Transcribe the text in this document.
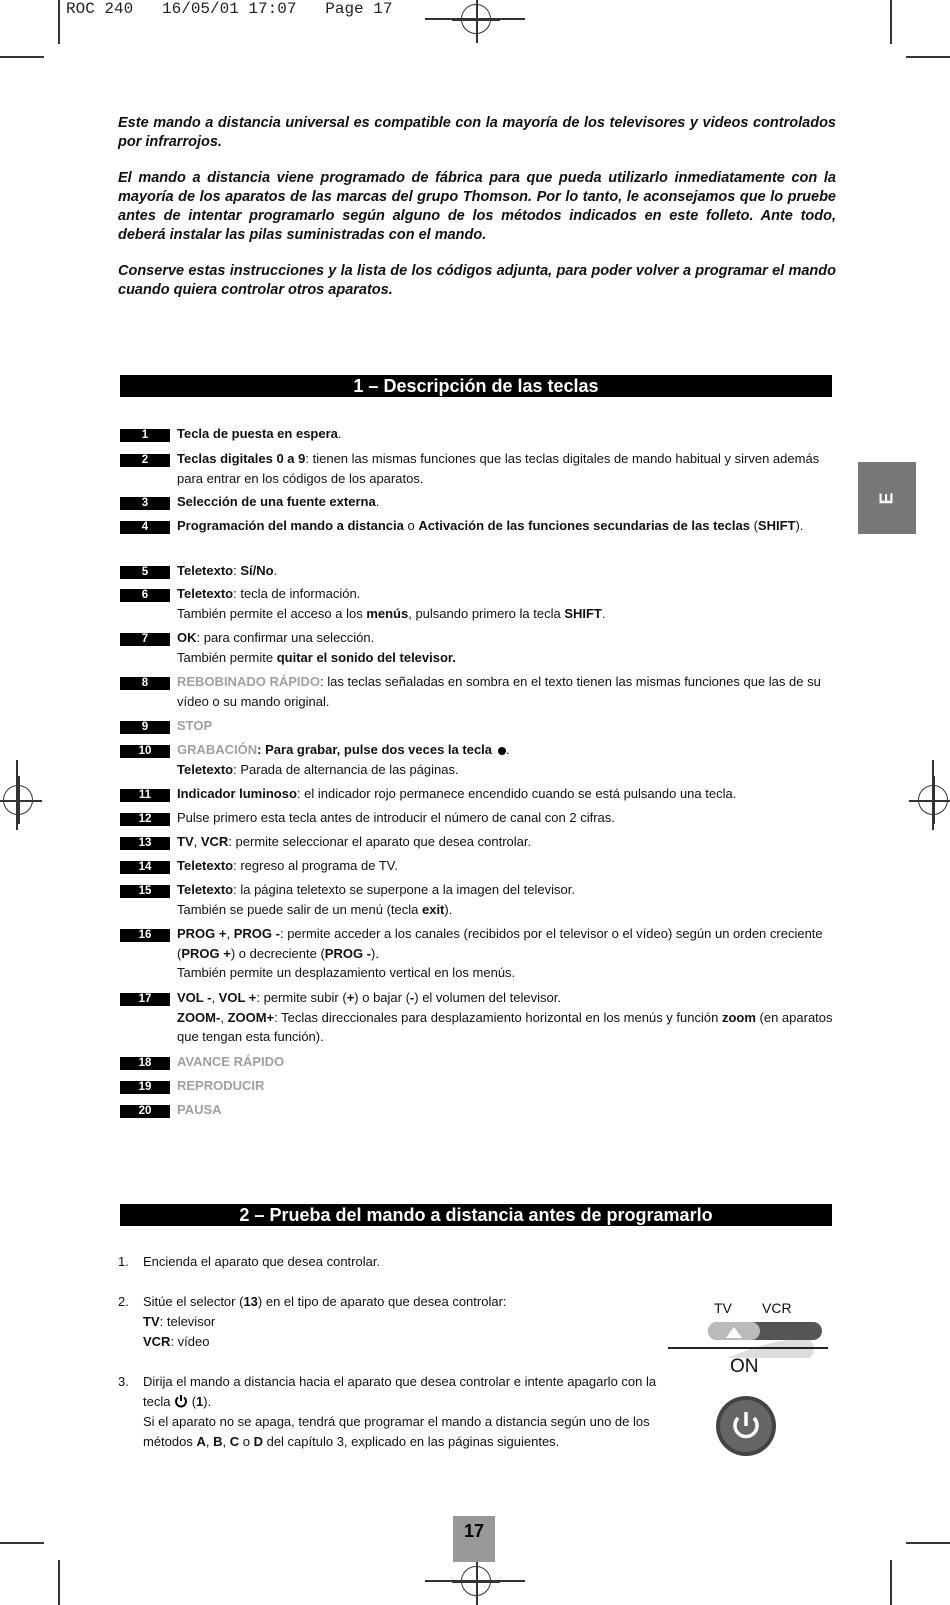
ROC 240   16/05/01 17:07   Page 17

Este mando a distancia universal es compatible con la mayoría de los televisores y videos controlados por infrarrojos.

El mando a distancia viene programado de fábrica para que pueda utilizarlo inmediatamente con la mayoría de los aparatos de las marcas del grupo Thomson. Por lo tanto, le aconsejamos que lo pruebe antes de intentar programarlo según alguno de los métodos indicados en este folleto. Ante todo, deberá instalar las pilas suministradas con el mando.

Conserve estas instrucciones y la lista de los códigos adjunta, para poder volver a programar el mando cuando quiera controlar otros aparatos.

1 – Descripción de las teclas
E
1	Tecla de puesta en espera.
2	Teclas digitales 0 a 9: tienen las mismas funciones que las teclas digitales de mando habitual y sirven además para entrar en los códigos de los aparatos.
3	Selección de una fuente externa.
4	Programación del mando a distancia o Activación de las funciones secundarias de las teclas (SHIFT).
5	Teletexto: Sí/No.
6	Teletexto: tecla de información.
También permite el acceso a los menús, pulsando primero la tecla SHIFT.
7	OK: para confirmar una selección.
También permite quitar el sonido del televisor.
8	REBOBINADO RÁPIDO: las teclas señaladas en sombra en el texto tienen las mismas funciones que las de su vídeo o su mando original.
9	STOP
10	GRABACIÓN: Para grabar, pulse dos veces la tecla .
Teletexto: Parada de alternancia de las páginas.
11	Indicador luminoso: el indicador rojo permanece encendido cuando se está pulsando una tecla.
12	Pulse primero esta tecla antes de introducir el número de canal con 2 cifras.
13	TV, VCR: permite seleccionar el aparato que desea controlar.
14	Teletexto: regreso al programa de TV.
15	Teletexto: la página teletexto se superpone a la imagen del televisor.
También se puede salir de un menú (tecla exit).
16	PROG +, PROG -: permite acceder a los canales (recibidos por el televisor o el vídeo) según un orden creciente (PROG +) o decreciente (PROG -).
También permite un desplazamiento vertical en los menús.
17	VOL -, VOL +: permite subir (+) o bajar (-) el volumen del televisor.
ZOOM-, ZOOM+: Teclas direccionales para desplazamiento horizontal en los menús y función zoom (en aparatos que tengan esta función).
18	AVANCE RÁPIDO
19	REPRODUCIR
20	PAUSA
2 – Prueba del mando a distancia antes de programarlo
1. Encienda el aparato que desea controlar.
2. Sitúe el selector (13) en el tipo de aparato que desea controlar:
TV: televisor
VCR: vídeo
3. Dirija el mando a distancia hacia el aparato que desea controlar e intente apagarlo con la tecla  (1).
Si el aparato no se apaga, tendrá que programar el mando a distancia según uno de los métodos A, B, C o D del capítulo 3, explicado en las páginas siguientes.
TV VCR
ON
17
